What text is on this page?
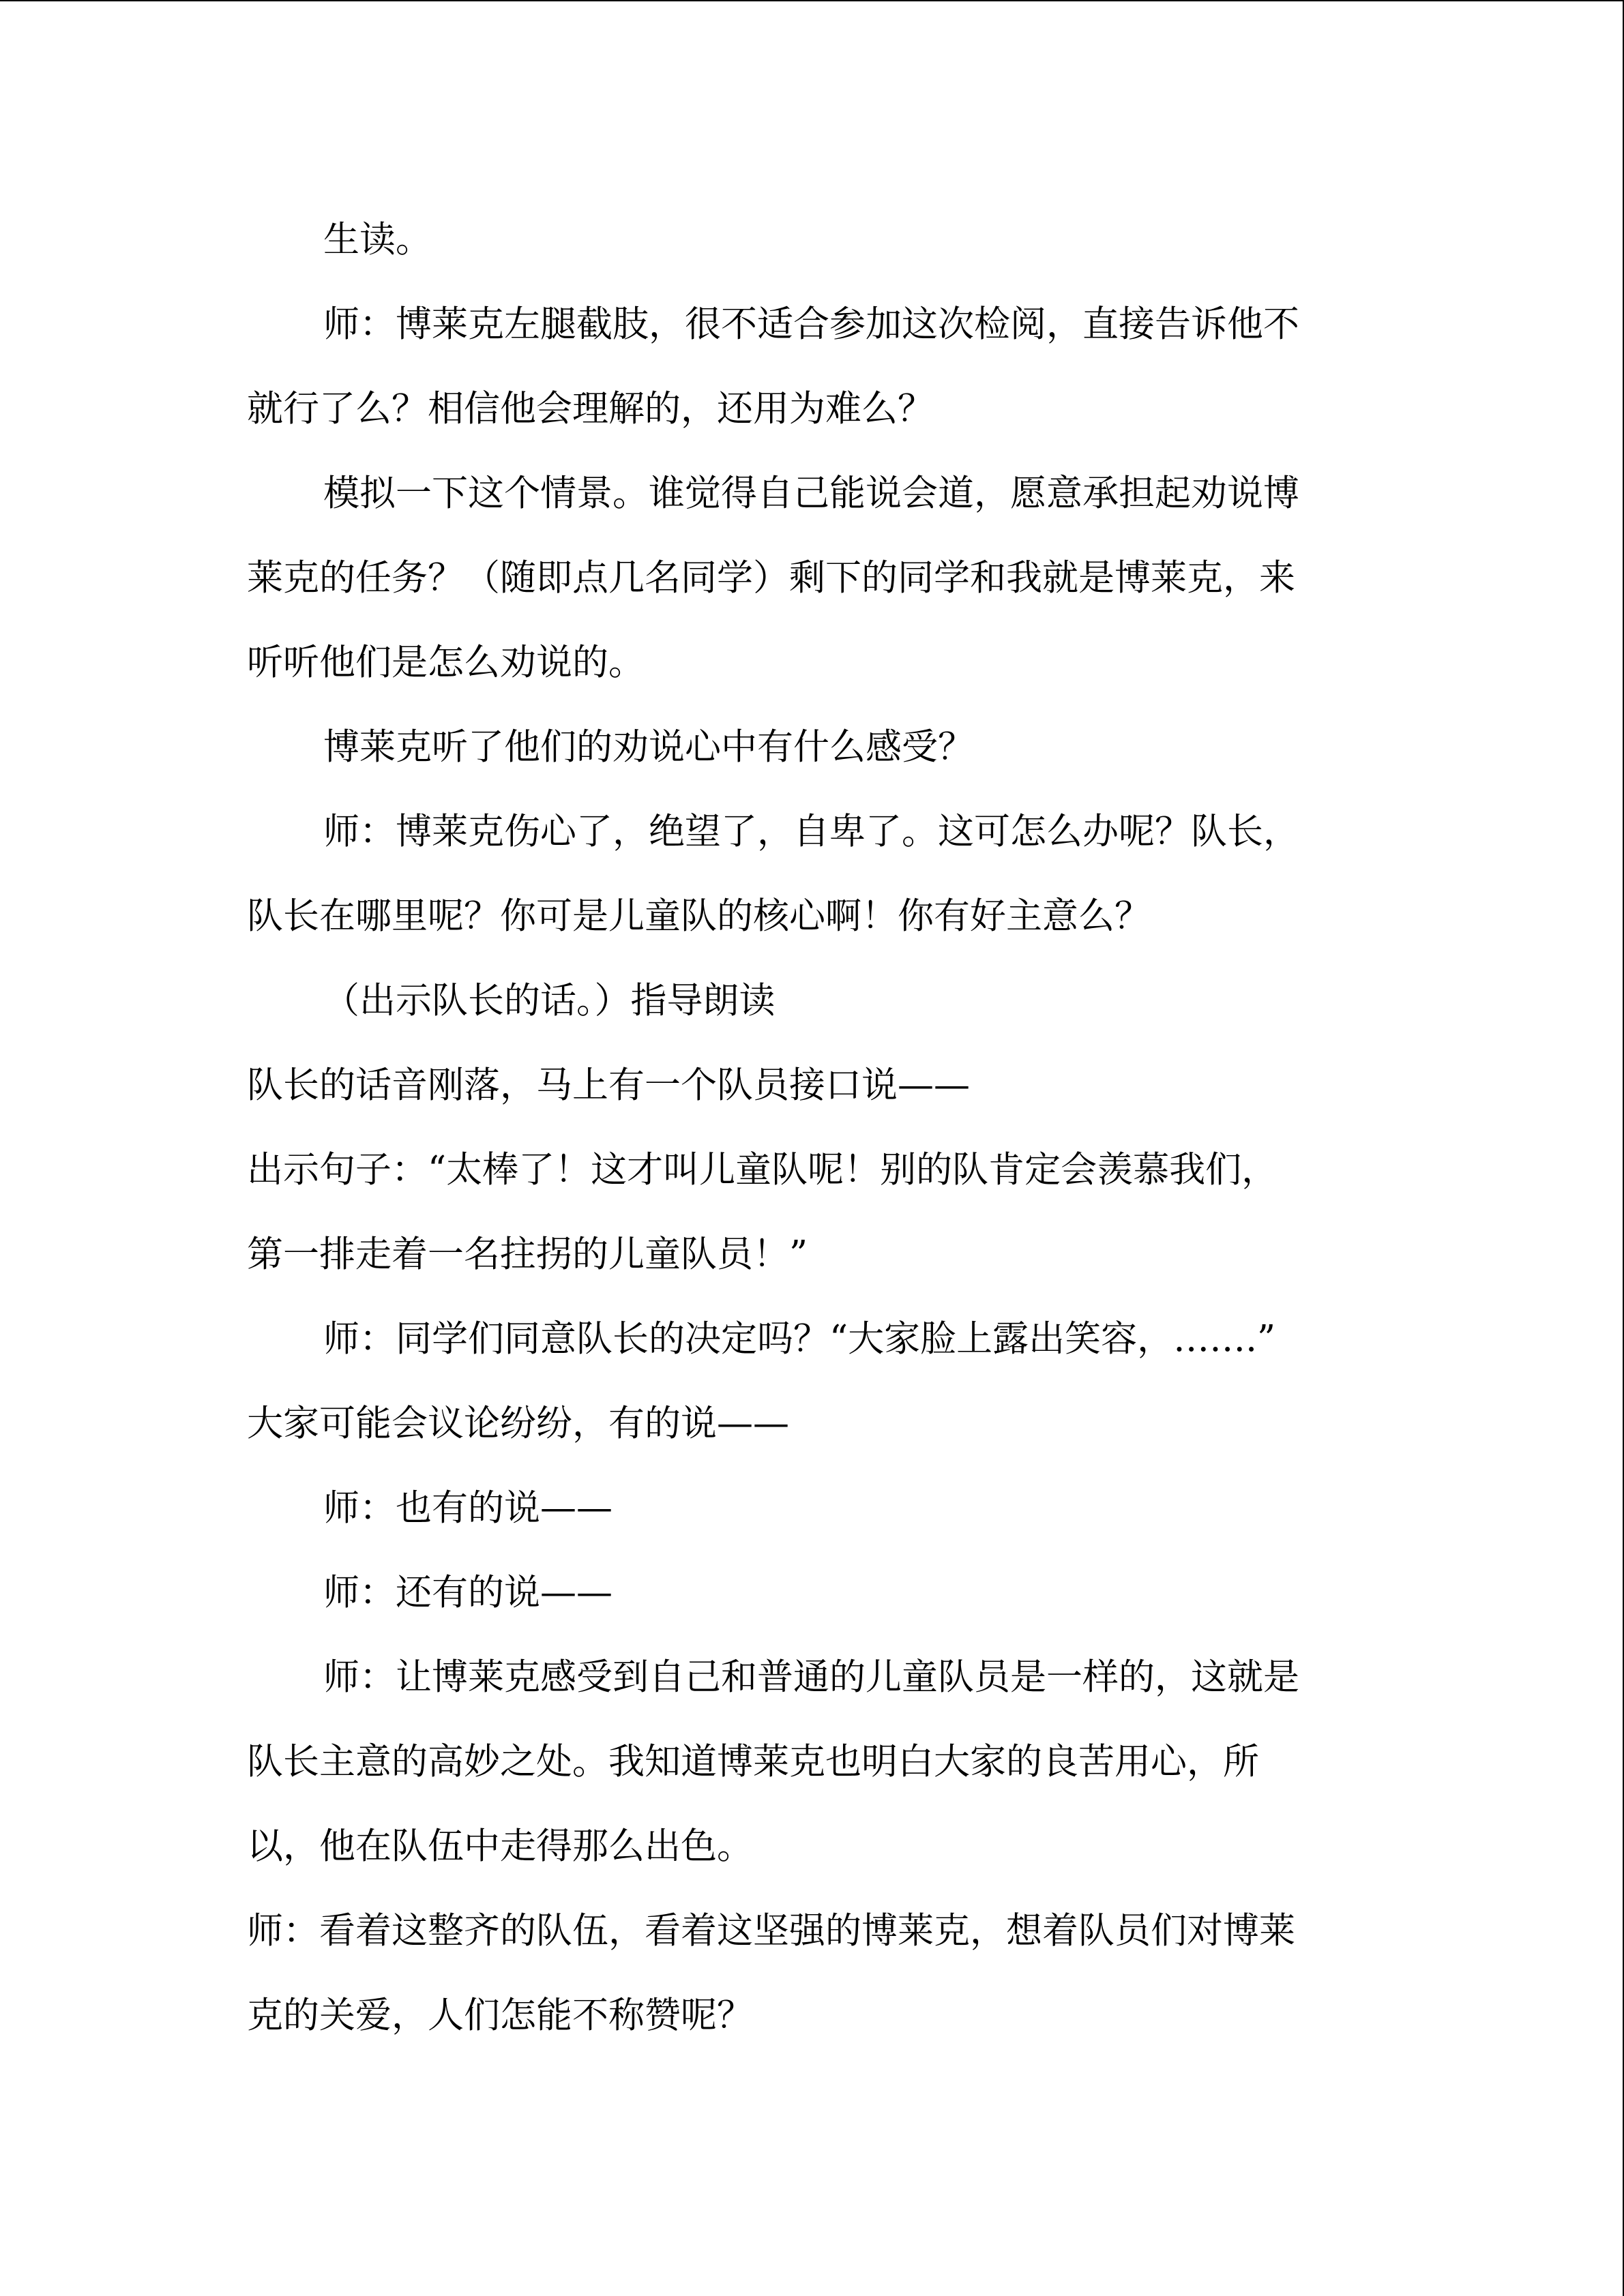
生读。
师：博莱克左腿截肢，很不适合参加这次检阅，直接告诉他不
就行了么？相信他会理解的，还用为难么？
模拟一下这个情景。谁觉得自己能说会道，愿意承担起劝说博
莱克的任务？（随即点几名同学）剩下的同学和我就是博莱克，来
听听他们是怎么劝说的。
博莱克听了他们的劝说心中有什么感受？
师：博莱克伤心了，绝望了，自卑了。这可怎么办呢？队长，
队长在哪里呢？你可是儿童队的核心啊！你有好主意么？
（出示队长的话。）指导朗读
队长的话音刚落，马上有一个队员接口说——
出示句子：“太棒了！这才叫儿童队呢！别的队肯定会羡慕我们，
第一排走着一名拄拐的儿童队员！”
师：同学们同意队长的决定吗？“大家脸上露出笑容，…….”
大家可能会议论纷纷，有的说——
师：也有的说——
师：还有的说——
师：让博莱克感受到自己和普通的儿童队员是一样的，这就是
队长主意的高妙之处。我知道博莱克也明白大家的良苦用心，所
以，他在队伍中走得那么出色。
师：看着这整齐的队伍，看着这坚强的博莱克，想着队员们对博莱
克的关爱，人们怎能不称赞呢？
